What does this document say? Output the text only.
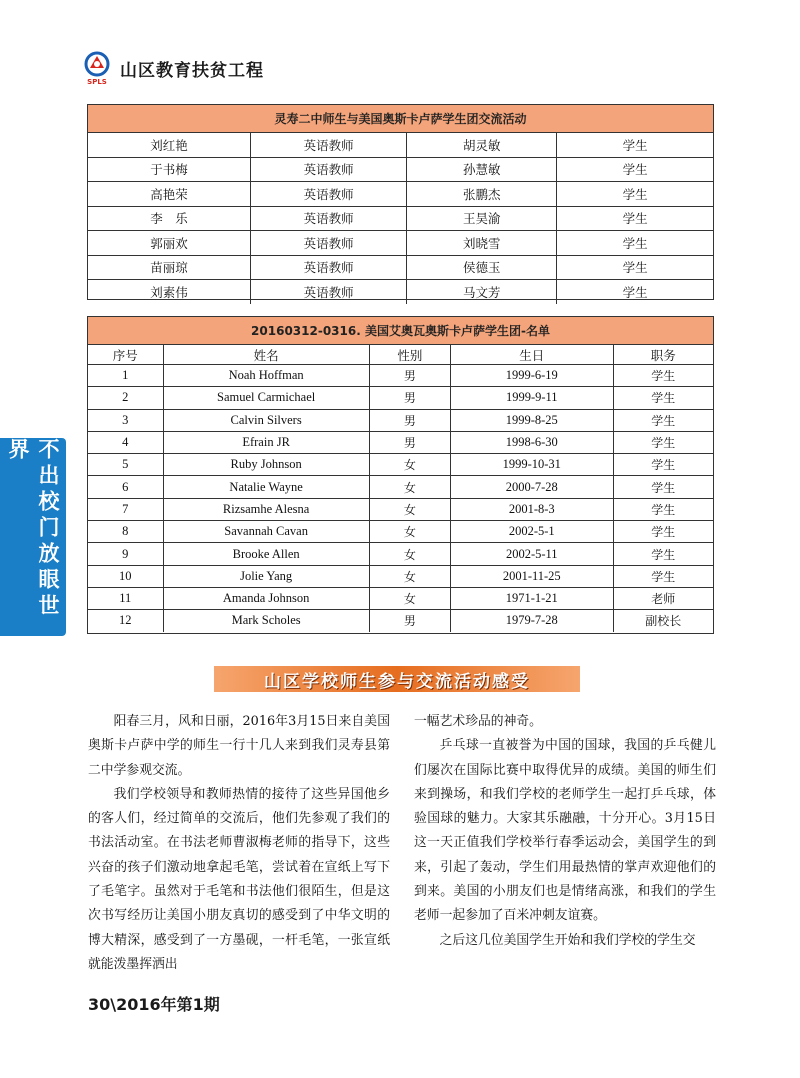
SPLS
山区教育扶贫工程
不出校门放眼世界
灵寿二中师生与美国奥斯卡卢萨学生团交流活动
刘红艳	英语教师	胡灵敏	学生
于书梅	英语教师	孙慧敏	学生
高艳荣	英语教师	张鹏杰	学生
李　乐	英语教师	王昊渝	学生
郭丽欢	英语教师	刘晓雪	学生
苗丽琼	英语教师	侯德玉	学生
刘素伟	英语教师	马文芳	学生
20160312-0316. 美国艾奥瓦奥斯卡卢萨学生团-名单
序号	姓名	性别	生日	职务
1	Noah Hoffman	男	1999-6-19	学生
2	Samuel Carmichael	男	1999-9-11	学生
3	Calvin Silvers	男	1999-8-25	学生
4	Efrain JR	男	1998-6-30	学生
5	Ruby Johnson	女	1999-10-31	学生
6	Natalie Wayne	女	2000-7-28	学生
7	Rizsamhe Alesna	女	2001-8-3	学生
8	Savannah Cavan	女	2002-5-1	学生
9	Brooke Allen	女	2002-5-11	学生
10	Jolie Yang	女	2001-11-25	学生
11	Amanda Johnson	女	1971-1-21	老师
12	Mark Scholes	男	1979-7-28	副校长
山区学校师生参与交流活动感受

阳春三月，风和日丽，2016年3月15日来自美国奥斯卡卢萨中学的师生一行十几人来到我们灵寿县第二中学参观交流。

我们学校领导和教师热情的接待了这些异国他乡的客人们，经过简单的交流后，他们先参观了我们的书法活动室。在书法老师曹淑梅老师的指导下，这些兴奋的孩子们激动地拿起毛笔，尝试着在宣纸上写下了毛笔字。虽然对于毛笔和书法他们很陌生，但是这次书写经历让美国小朋友真切的感受到了中华文明的博大精深，感受到了一方墨砚，一杆毛笔，一张宣纸就能泼墨挥洒出

一幅艺术珍品的神奇。

乒乓球一直被誉为中国的国球，我国的乒乓健儿们屡次在国际比赛中取得优异的成绩。美国的师生们来到操场，和我们学校的老师学生一起打乒乓球，体验国球的魅力。大家其乐融融，十分开心。3月15日这一天正值我们学校举行春季运动会，美国学生的到来，引起了轰动，学生们用最热情的掌声欢迎他们的到来。美国的小朋友们也是情绪高涨，和我们的学生老师一起参加了百米冲刺友谊赛。

之后这几位美国学生开始和我们学校的学生交

30\2016年第1期
